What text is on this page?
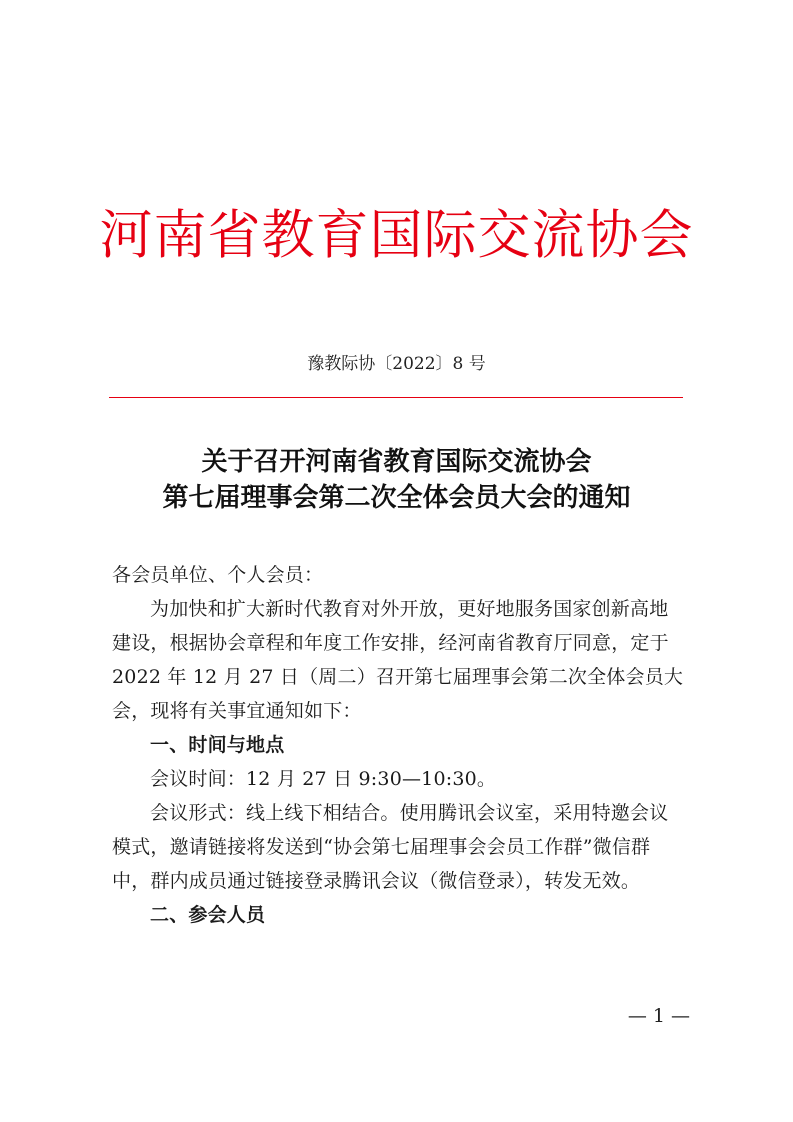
河南省教育国际交流协会
豫教际协〔2022〕8 号
关于召开河南省教育国际交流协会
第七届理事会第二次全体会员大会的通知

各会员单位、个人会员：

为加快和扩大新时代教育对外开放，更好地服务国家创新高地建设，根据协会章程和年度工作安排，经河南省教育厅同意，定于 2022 年 12 月 27 日（周二）召开第七届理事会第二次全体会员大会，现将有关事宜通知如下：

一、时间与地点

会议时间：12 月 27 日 9:30—10:30。

会议形式：线上线下相结合。使用腾讯会议室，采用特邀会议模式，邀请链接将发送到“协会第七届理事会会员工作群”微信群中，群内成员通过链接登录腾讯会议（微信登录），转发无效。

二、参会人员

— 1 —
